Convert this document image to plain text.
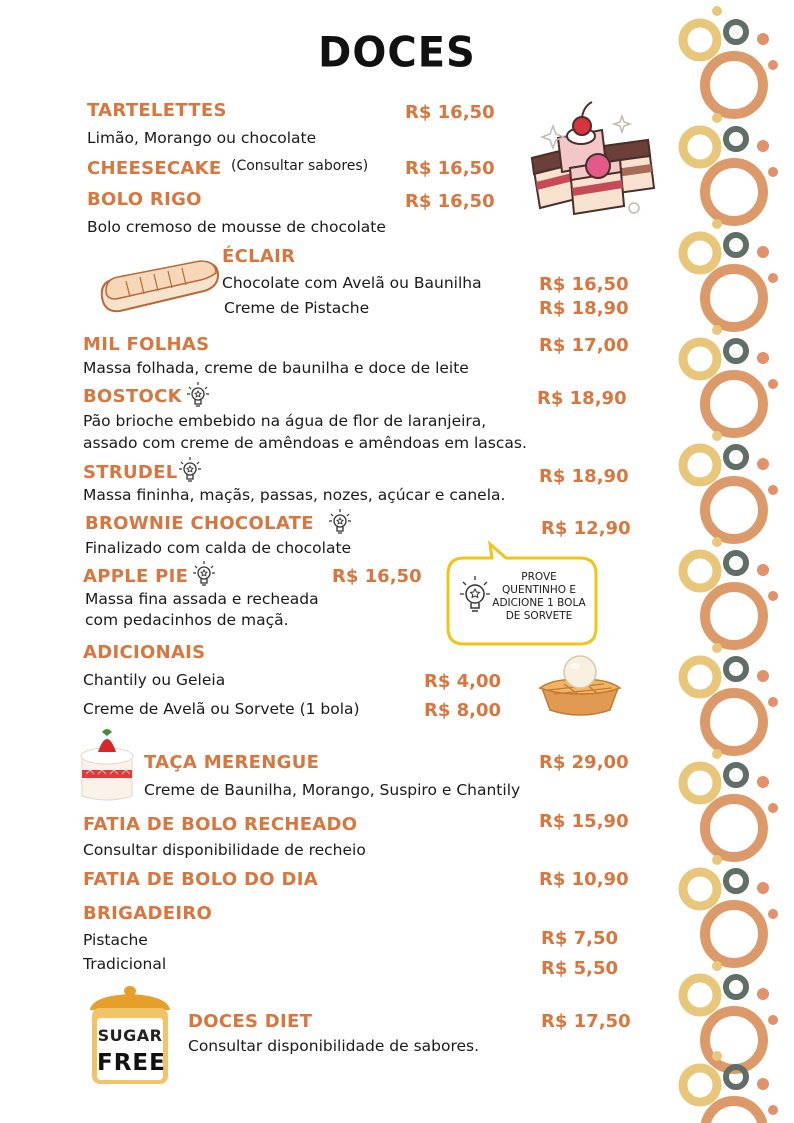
DOCES
TARTELETTES	R$ 16,50
Limão, Morango ou chocolate
CHEESECAKE (Consultar sabores) R$ 16,50
BOLO RIGO	R$ 16,50
Bolo cremoso de mousse de chocolate
ÉCLAIR
Chocolate com Avelã ou Baunilha	R$ 16,50
Creme de Pistache	R$ 18,90
MIL FOLHAS	R$ 17,00
Massa folhada, creme de baunilha e doce de leite
BOSTOCK	R$ 18,90
Pão brioche embebido na água de flor de laranjeira,
assado com creme de amêndoas e amêndoas em lascas.
STRUDEL	R$ 18,90
Massa fininha, maçãs, passas, nozes, açúcar e canela.
BROWNIE CHOCOLATE	R$ 12,90
Finalizado com calda de chocolate
APPLE PIE	R$ 16,50
Massa fina assada e recheada
com pedacinhos de maçã.
PROVE
QUENTINHO E
ADICIONE 1 BOLA
DE SORVETE
ADICIONAIS
Chantily ou Geleia	R$ 4,00
Creme de Avelã ou Sorvete (1 bola)	R$ 8,00
TAÇA MERENGUE	R$ 29,00
Creme de Baunilha, Morango, Suspiro e Chantily
FATIA DE BOLO RECHEADO	R$ 15,90
Consultar disponibilidade de recheio
FATIA DE BOLO DO DIA	R$ 10,90
BRIGADEIRO
Pistache	R$ 7,50
Tradicional	R$ 5,50
SUGAR
FREE
DOCES DIET	R$ 17,50
Consultar disponibilidade de sabores.
